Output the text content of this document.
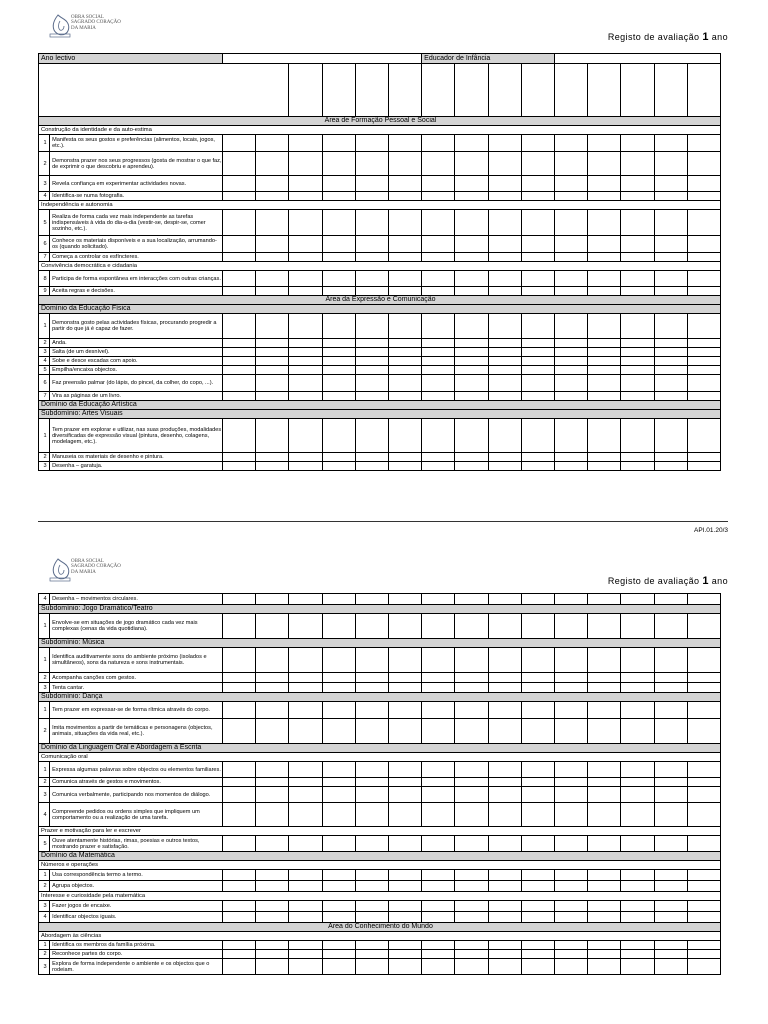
OBRA SOCIAL
SAGRADO CORAÇÃO
DA MARIA
Registo de avaliação 1 ano
Ano lectivo								Educador de Infância								

Área de Formação Pessoal e Social																
Construção da identidade e da auto-estima																
1	Manifesta os seus gostos e preferências (alimentos, locais, jogos, etc.).															
2	Demonstra prazer nos seus progressos (gosta de mostrar o que faz, de exprimir o que descobriu e aprendeu).															
3	Revela confiança em experimentar actividades novas.															
4	Identifica-se numa fotografia.															
Independência e autonomia																
5	Realiza de forma cada vez mais independente as tarefas indispensáveis à vida do dia-a-dia (vestir-se, despir-se, comer sozinho, etc.).															
6	Conhece os materiais disponíveis e a sua localização, arrumando-os (quando solicitado).															
7	Começa a controlar os esfíncteres.															
Convivência democrática e cidadania																
8	Participa de forma espontânea em interacções com outras crianças.															
9	Aceita regras e decisões.															
Área da Expressão e Comunicação																
Domínio da Educação Física																
1	Demonstra gosto pelas actividades físicas, procurando progredir a partir do que já é capaz de fazer.															
2	Anda.															
3	Salta (de um desnível).															
4	Sobe e desce escadas com apoio.															
5	Empilha/encaixa objectos.															
6	Faz preensão palmar (do lápis, do pincel, da colher, do copo, ...).															
7	Vira as páginas de um livro.															
Domínio da Educação Artística																
Subdomínio: Artes Visuais																
1	Tem prazer em explorar e utilizar, nas suas produções, modalidades diversificadas de expressão visual (pintura, desenho, colagens, modelagem, etc.).															
2	Manuseia os materiais de desenho e pintura.															
3	Desenha – garatuja.															
API.01.20/3
OBRA SOCIAL
SAGRADO CORAÇÃO
DA MARIA
Registo de avaliação 1 ano
4	Desenha – movimentos circulares.															
Subdomínio: Jogo Dramático/Teatro																
1	Envolve-se em situações de jogo dramático cada vez mais complexas (cenas da vida quotidiana).															
Subdomínio: Música																
1	Identifica auditivamente sons do ambiente próximo (isolados e simultâneos), sons da natureza e sons instrumentais.															
2	Acompanha canções com gestos.															
3	Tenta cantar.															
Subdomínio: Dança																
1	Tem prazer em expressar-se de forma rítmica através do corpo.															
2	Imita movimentos a partir de temáticas e personagens (objectos, animais, situações da vida real, etc.).															
Domínio da Linguagem Oral e Abordagem à Escrita																
Comunicação oral																
1	Expressa algumas palavras sobre objectos ou elementos familiares.															
2	Comunica através de gestos e movimentos.															
3	Comunica verbalmente, participando nos momentos de diálogo.															
4	Compreende pedidos ou ordens simples que impliquem um comportamento ou a realização de uma tarefa.															
Prazer e motivação para ler e escrever																
5	Ouve atentamente histórias, rimas, poesias e outros textos, mostrando prazer e satisfação.															
Domínio da Matemática																
Números e operações																
1	Usa correspondência termo a termo.															
2	Agrupa objectos.															
Interesse e curiosidade pela matemática																
3	Fazer jogos de encaixe.															
4	Identificar objectos iguais.															
Área do Conhecimento do Mundo																
Abordagem às ciências																
1	Identifica os membros da família próxima.															
2	Reconhece partes do corpo.															
3	Explora de forma independente o ambiente e os objectos que o rodeiam.															
